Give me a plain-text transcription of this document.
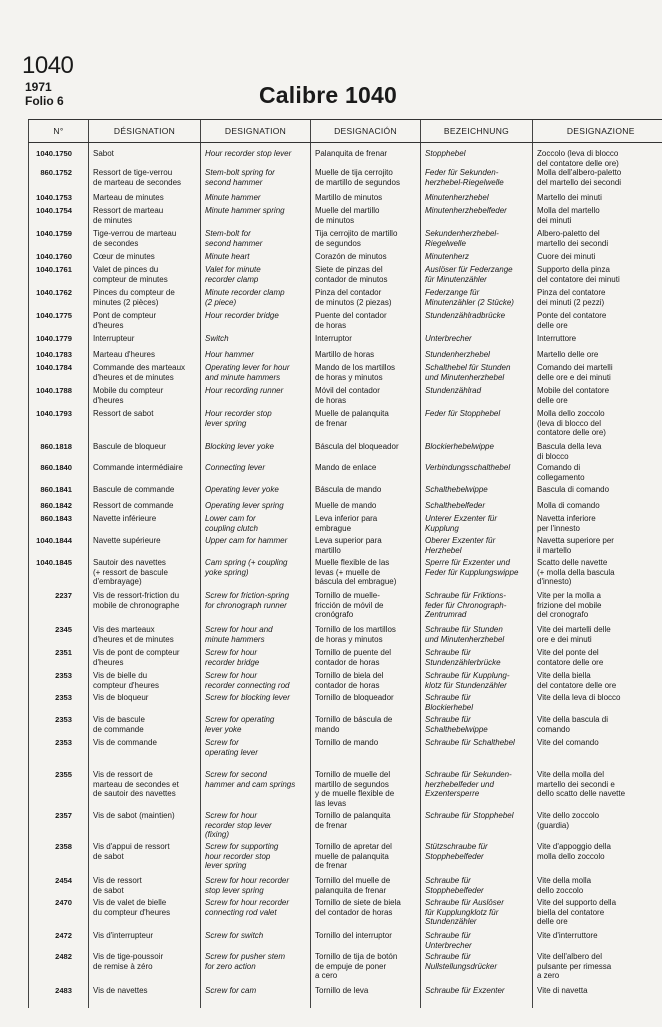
1040
1971
Folio 6	Calibre 1040
N°	DÉSIGNATION	DESIGNATION	DESIGNACIÓN	BEZEICHNUNG	DESIGNAZIONE

1040.1750	Sabot	Hour recorder stop lever	Palanquita de frenar	Stopphebel	Zoccolo (leva di blocco
del contatore delle ore)
860.1752	Ressort de tige-verrou
de marteau de secondes	Stem-bolt spring for
second hammer	Muelle de tija cerrojito
de martillo de segundos	Feder für Sekunden-
herzhebel-Riegelwelle	Molla dell'albero-paletto
del martello dei secondi
1040.1753	Marteau de minutes	Minute hammer	Martillo de minutos	Minutenherzhebel	Martello dei minuti
1040.1754	Ressort de marteau
de minutes	Minute hammer spring	Muelle del martillo
de minutos	Minutenherzhebelfeder	Molla del martello
dei minuti
1040.1759	Tige-verrou de marteau
de secondes	Stem-bolt for
second hammer	Tija cerrojito de martillo
de segundos	Sekundenherzhebel-
Riegelwelle	Albero-paletto del
martello dei secondi
1040.1760	Cœur de minutes	Minute heart	Corazón de minutos	Minutenherz	Cuore dei minuti
1040.1761	Valet de pinces du
compteur de minutes	Valet for minute
recorder clamp	Siete de pinzas del
contador de minutos	Auslöser für Federzange
für Minutenzähler	Supporto della pinza
del contatore dei minuti
1040.1762	Pinces du compteur de
minutes (2 pièces)	Minute recorder clamp
(2 piece)	Pinza del contador
de minutos (2 piezas)	Federzange für
Minutenzähler (2 Stücke)	Pinza del contatore
dei minuti (2 pezzi)
1040.1775	Pont de compteur
d'heures	Hour recorder bridge	Puente del contador
de horas	Stundenzählradbrücke	Ponte del contatore
delle ore
1040.1779	Interrupteur	Switch	Interruptor	Unterbrecher	Interruttore
1040.1783	Marteau d'heures	Hour hammer	Martillo de horas	Stundenherzhebel	Martello delle ore
1040.1784	Commande des marteaux
d'heures et de minutes	Operating lever for hour
and minute hammers	Mando de los martillos
de horas y minutos	Schalthebel für Stunden
und Minutenherzhebel	Comando dei martelli
delle ore e dei minuti
1040.1788	Mobile du compteur
d'heures	Hour recording runner	Móvil del contador
de horas	Stundenzählrad	Mobile del contatore
delle ore
1040.1793	Ressort de sabot	Hour recorder stop
lever spring	Muelle de palanquita
de frenar	Feder für Stopphebel	Molla dello zoccolo
(leva di blocco del
contatore delle ore)
860.1818	Bascule de bloqueur	Blocking lever yoke	Báscula del bloqueador	Blockierhebelwippe	Bascula della leva
di blocco
860.1840	Commande intermédiaire	Connecting lever	Mando de enlace	Verbindungsschalthebel	Comando di
collegamento
860.1841	Bascule de commande	Operating lever yoke	Báscula de mando	Schalthebelwippe	Bascula di comando
860.1842	Ressort de commande	Operating lever spring	Muelle de mando	Schalthebelfeder	Molla di comando
860.1843	Navette inférieure	Lower cam for
coupling clutch	Leva inferior para
embrague	Unterer Exzenter für
Kupplung	Navetta inferiore
per l'innesto
1040.1844	Navette supérieure	Upper cam for hammer	Leva superior para
martillo	Oberer Exzenter für
Herzhebel	Navetta superiore per
il martello
1040.1845	Sautoir des navettes
(+ ressort de bascule
d'embrayage)	Cam spring (+ coupling
yoke spring)	Muelle flexible de las
levas (+ muelle de
báscula del embrague)	Sperre für Exzenter und
Feder für Kupplungswippe	Scatto delle navette
(+ molla della bascula
d'innesto)
2237	Vis de ressort-friction du
mobile de chronographe	Screw for friction-spring
for chronograph runner	Tornillo de muelle-
fricción de móvil de
cronógrafo	Schraube für Friktions-
feder für Chronograph-
Zentrumrad	Vite per la molla a
frizione del mobile
del cronografo
2345	Vis des marteaux
d'heures et de minutes	Screw for hour and
minute hammers	Tornillo de los martillos
de horas y minutos	Schraube für Stunden
und Minutenherzhebel	Vite dei martelli delle
ore e dei minuti
2351	Vis de pont de compteur
d'heures	Screw for hour
recorder bridge	Tornillo de puente del
contador de horas	Schraube für
Stundenzählerbrücke	Vite del ponte del
contatore delle ore
2353	Vis de bielle du
compteur d'heures	Screw for hour
recorder connecting rod	Tornillo de biela del
contador de horas	Schraube für Kupplung-
klotz für Stundenzähler	Vite della biella
del contatore delle ore
2353	Vis de bloqueur	Screw for blocking lever	Tornillo de bloqueador	Schraube für
Blockierhebel	Vite della leva di blocco
2353	Vis de bascule
de commande	Screw for operating
lever yoke	Tornillo de báscula de
mando	Schraube für
Schalthebelwippe	Vite della bascula di
comando
2353	Vis de commande	Screw for
operating lever	Tornillo de mando	Schraube für Schalthebel	Vite del comando
2355	Vis de ressort de
marteau de secondes et
de sautoir des navettes	Screw for second
hammer and cam springs	Tornillo de muelle del
martillo de segundos
y de muelle flexible de
las levas	Schraube für Sekunden-
herzhebelfeder und
Exzentersperre	Vite della molla del
martello dei secondi e
dello scatto delle navette
2357	Vis de sabot (maintien)	Screw for hour
recorder stop lever
(fixing)	Tornillo de palanquita
de frenar	Schraube für Stopphebel	Vite dello zoccolo
(guardia)
2358	Vis d'appui de ressort
de sabot	Screw for supporting
hour recorder stop
lever spring	Tornillo de apretar del
muelle de palanquita
de frenar	Stützschraube für
Stopphebelfeder	Vite d'appoggio della
molla dello zoccolo
2454	Vis de ressort
de sabot	Screw for hour recorder
stop lever spring	Tornillo del muelle de
palanquita de frenar	Schraube für
Stopphebelfeder	Vite della molla
dello zoccolo
2470	Vis de valet de bielle
du compteur d'heures	Screw for hour recorder
connecting rod valet	Tornillo de siete de biela
del contador de horas	Schraube für Auslöser
für Kupplungklotz für
Stundenzähler	Vite del supporto della
biella del contatore
delle ore
2472	Vis d'interrupteur	Screw for switch	Tornillo del interruptor	Schraube für
Unterbrecher	Vite d'interruttore
2482	Vis de tige-poussoir
de remise à zéro	Screw for pusher stem
for zero action	Tornillo de tija de botón
de empuje de poner
a cero	Schraube für
Nullstellungsdrücker	Vite dell'albero del
pulsante per rimessa
a zero
2483	Vis de navettes	Screw for cam	Tornillo de leva	Schraube für Exzenter	Vite di navetta
